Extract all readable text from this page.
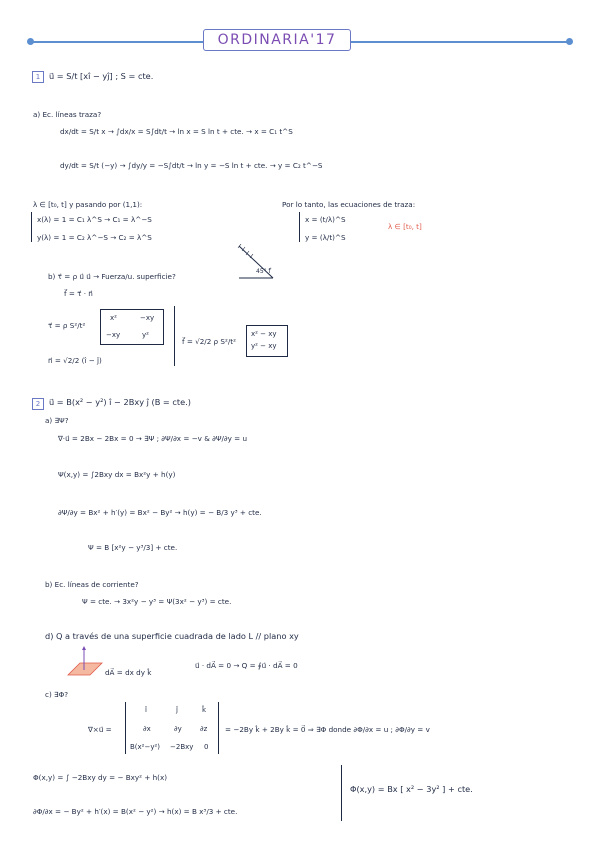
ORDINARIA'17
1	u⃗ = S/t [xî − yĵ] ; S = cte.
a) Ec. líneas traza?
dx/dt = S/t x → ∫dx/x = S∫dt/t → ln x = S ln t + cte. → x = C₁ t^S
dy/dt = S/t (−y) → ∫dy/y = −S∫dt/t → ln y = −S ln t + cte. → y = C₂ t^−S
λ ∈ [t₀, t] y pasando por (1,1):
x(λ) = 1 = C₁ λ^S → C₁ = λ^−S
y(λ) = 1 = C₂ λ^−S → C₂ = λ^S
Por lo tanto, las ecuaciones de traza:
x = (t/λ)^S
y = (λ/t)^S
λ ∈ [t₀, t]
b) τ⃗ = ρ u⃗ u⃗ → Fuerza/u. superficie?
45° f⃗
f⃗ = τ⃗ · n⃗
τ⃗ = ρ S²/t²
x²	−xy
−xy	y²
n⃗ = √2/2 (î − ĵ)
f⃗ = √2/2 ρ S²/t²
x² − xy
y² − xy
2	u⃗ = B(x² − y²) î − 2Bxy ĵ (B = cte.)
a) ∃Ψ?
∇·u⃗ = 2Bx − 2Bx = 0 → ∃Ψ ; ∂Ψ/∂x = −v & ∂Ψ/∂y = u
Ψ(x,y) = ∫2Bxy dx = Bx²y + h(y)
∂Ψ/∂y = Bx² + h′(y) = Bx² − By² → h(y) = − B/3 y³ + cte.
Ψ = B [x²y − y³/3] + cte.
b) Ec. líneas de corriente?
Ψ = cte. → 3x²y − y³ = Ψ(3x² − y³) = cte.
d) Q a través de una superficie cuadrada de lado L // plano xy
dA⃗ = dx dy k̂
u⃗ · dA⃗ = 0 → Q = ∮u⃗ · dA⃗ = 0
c) ∃Φ?
∇×u⃗ =
î	ĵ	k̂
∂x	∂y	∂z
B(x²−y²) −2Bxy 0
= −2By k̂ + 2By k̂ = 0⃗ ⇒ ∃Φ donde ∂Φ/∂x = u ; ∂Φ/∂y = v
Φ(x,y) = ∫ −2Bxy dy = − Bxy² + h(x)
∂Φ/∂x = − By² + h′(x) = B(x² − y²) → h(x) = B x³/3 + cte.
Φ(x,y) = Bx [ x² − 3y² ] + cte.
